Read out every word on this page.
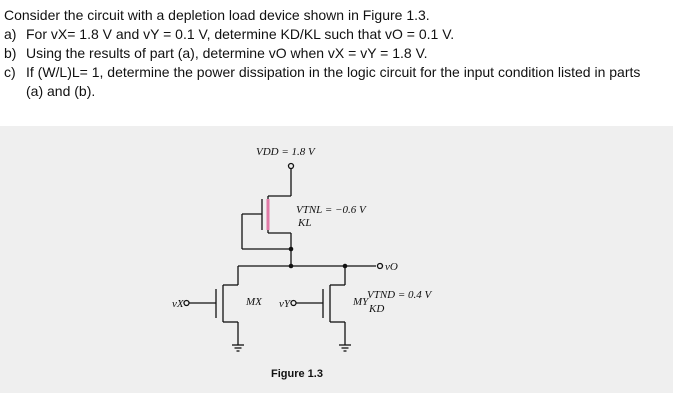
Consider the circuit with a depletion load device shown in Figure 1.3.
a) For vX= 1.8 V and vY = 0.1 V, determine KD/KL such that vO = 0.1 V.
b) Using the results of part (a), determine vO when vX = vY = 1.8 V.
c) If (W/L)L= 1, determine the power dissipation in the logic circuit for the input condition listed in parts
(a) and (b).
VDD = 1.8 V
VTNL = −0.6 V
KL
vO
vX	MX vY	MY
VTND = 0.4 V
KD
Figure 1.3
